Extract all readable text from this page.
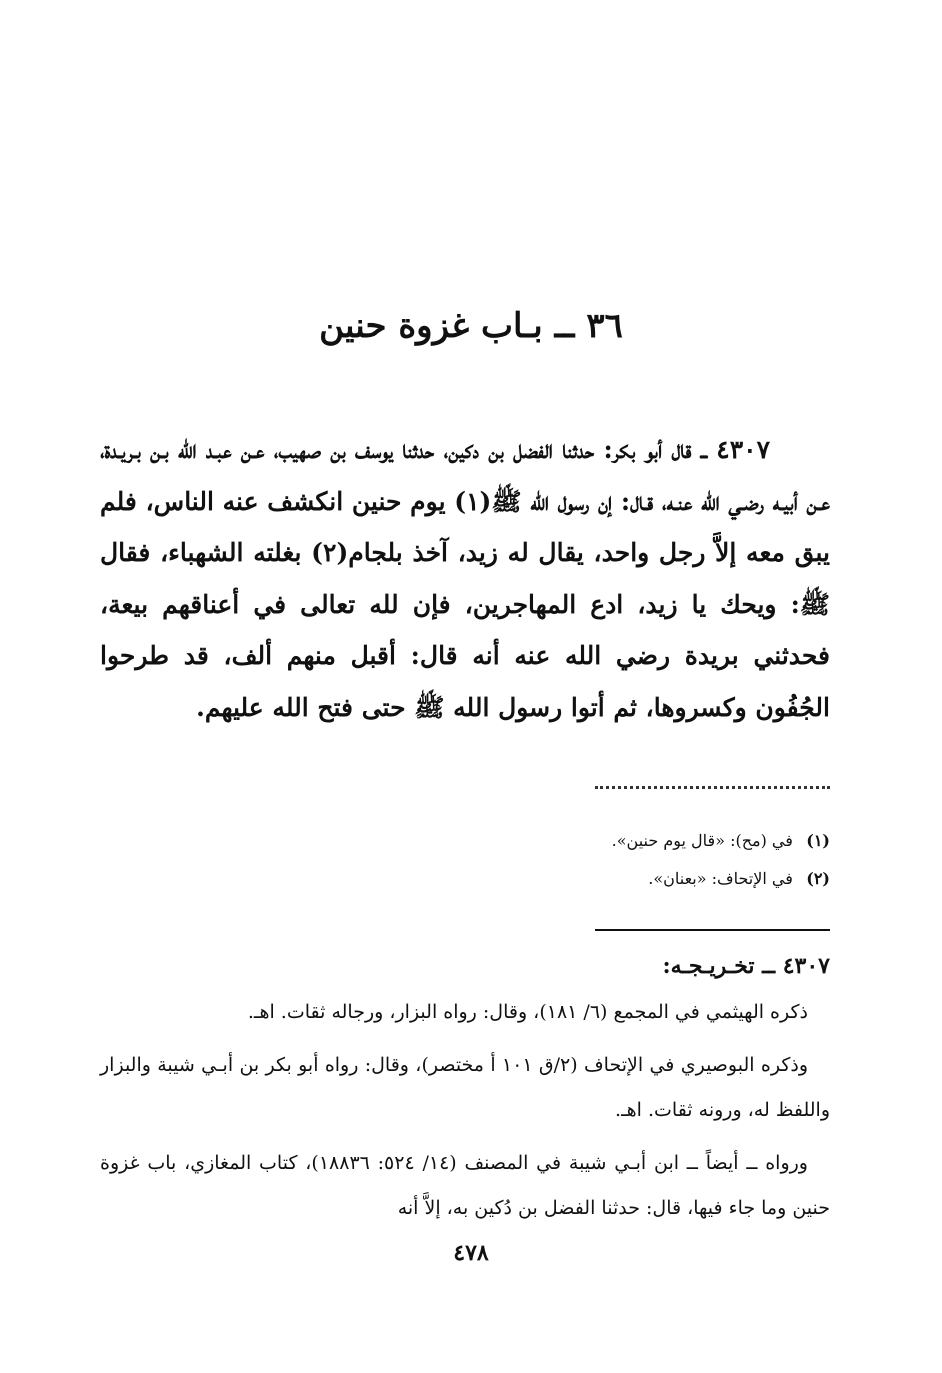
٣٦ ــ بـاب غزوة حنين

٤٣٠٧ ــ قال أبو بكر: حدثنا الفضل بن دكين، حدثنا يوسف بن صهيب، عـن عبـد الله بـن بـريـدة، عـن أبيـه رضـي الله عنـه، قـال: إن رسول الله ﷺ(١) يوم حنين انكشف عنه الناس، فلم يبق معه إلاَّ رجل واحد، يقال له زيد، آخذ بلجام(٢) بغلته الشهباء، فقال ﷺ: ويحك يا زيد، ادع المهاجرين، فإن لله تعالى في أعناقهم بيعة، فحدثني بريدة رضي الله عنه أنه قال: أقبل منهم ألف، قد طرحوا الجُفُون وكسروها، ثم أتوا رسول الله ﷺ حتى فتح الله عليهم.

(١) في (مح): «قال يوم حنين».
(٢) في الإتحاف: «بعنان».
٤٣٠٧ ــ تخـريـجـه:

ذكره الهيثمي في المجمع (٦/ ١٨١)، وقال: رواه البزار، ورجاله ثقات. اهـ.

وذكره البوصيري في الإتحاف (٢/ق ١٠١ أ مختصر)، وقال: رواه أبو بكر بن أبـي شيبة والبزار واللفظ له، ورونه ثقات. اهـ.

ورواه ــ أيضاً ــ ابن أبـي شيبة في المصنف (١٤/ ٥٢٤: ١٨٨٣٦)، كتاب المغازي، باب غزوة حنين وما جاء فيها، قال: حدثنا الفضل بن دُكين به، إلاَّ أنه

٤٧٨
